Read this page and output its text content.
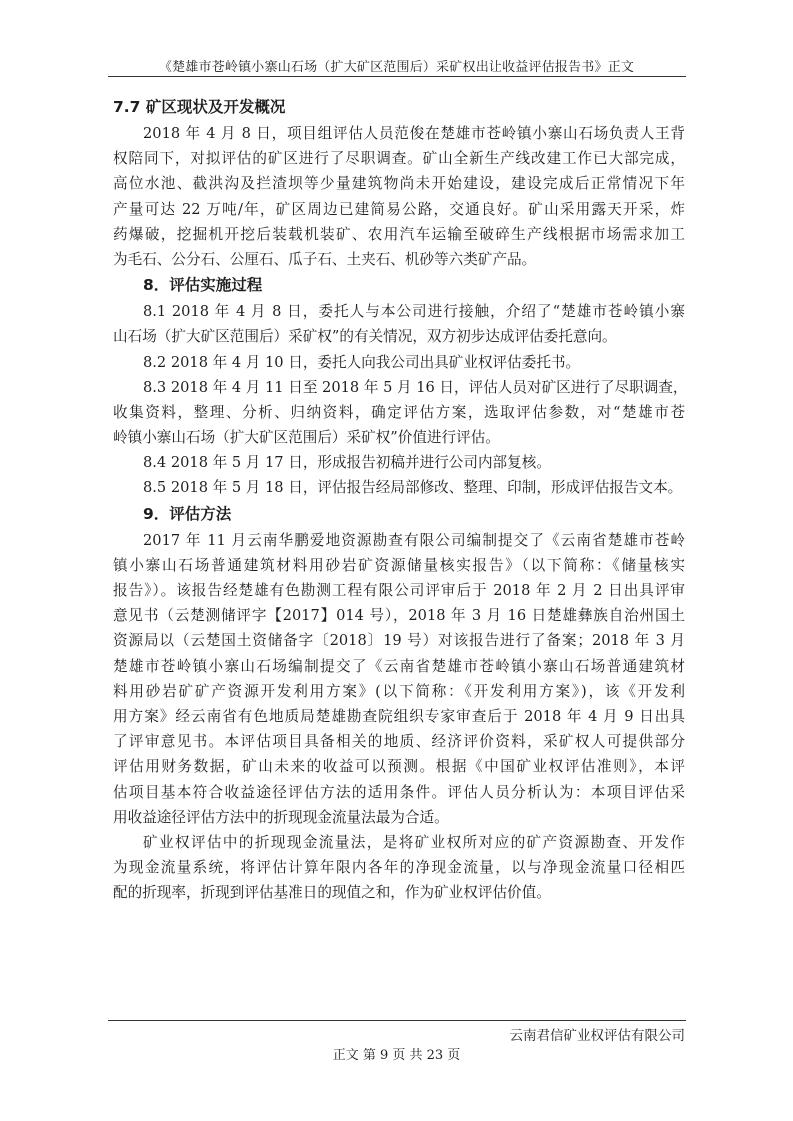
《楚雄市苍岭镇小寨山石场（扩大矿区范围后）采矿权出让收益评估报告书》正文
7.7 矿区现状及开发概况
2018 年 4 月 8 日，项目组评估人员范俊在楚雄市苍岭镇小寨山石场负责人王背
权陪同下，对拟评估的矿区进行了尽职调查。矿山全新生产线改建工作已大部完成，
高位水池、截洪沟及拦渣坝等少量建筑物尚未开始建设，建设完成后正常情况下年
产量可达 22 万吨/年，矿区周边已建简易公路，交通良好。矿山采用露天开采，炸
药爆破，挖掘机开挖后装载机装矿、农用汽车运输至破碎生产线根据市场需求加工
为毛石、公分石、公厘石、瓜子石、土夹石、机砂等六类矿产品。
8．评估实施过程
8.1 2018 年 4 月 8 日，委托人与本公司进行接触，介绍了“楚雄市苍岭镇小寨
山石场（扩大矿区范围后）采矿权”的有关情况，双方初步达成评估委托意向。
8.2 2018 年 4 月 10 日，委托人向我公司出具矿业权评估委托书。
8.3 2018 年 4 月 11 日至 2018 年 5 月 16 日，评估人员对矿区进行了尽职调查，
收集资料，整理、分析、归纳资料，确定评估方案，选取评估参数，对“楚雄市苍
岭镇小寨山石场（扩大矿区范围后）采矿权”价值进行评估。
8.4 2018 年 5 月 17 日，形成报告初稿并进行公司内部复核。
8.5 2018 年 5 月 18 日，评估报告经局部修改、整理、印制，形成评估报告文本。
9．评估方法
2017 年 11 月云南华鹏爱地资源勘查有限公司编制提交了《云南省楚雄市苍岭
镇小寨山石场普通建筑材料用砂岩矿资源储量核实报告》（以下简称：《储量核实
报告》）。该报告经楚雄有色勘测工程有限公司评审后于 2018 年 2 月 2 日出具评审
意见书（云楚测储评字【2017】014 号），2018 年 3 月 16 日楚雄彝族自治州国土
资源局以（云楚国土资储备字〔2018〕19 号）对该报告进行了备案；2018 年 3 月
楚雄市苍岭镇小寨山石场编制提交了《云南省楚雄市苍岭镇小寨山石场普通建筑材
料用砂岩矿矿产资源开发利用方案》(以下简称：《开发利用方案》)，该《开发利
用方案》经云南省有色地质局楚雄勘查院组织专家审查后于 2018 年 4 月 9 日出具
了评审意见书。本评估项目具备相关的地质、经济评价资料，采矿权人可提供部分
评估用财务数据，矿山未来的收益可以预测。根据《中国矿业权评估准则》，本评
估项目基本符合收益途径评估方法的适用条件。评估人员分析认为：本项目评估采
用收益途径评估方法中的折现现金流量法最为合适。
矿业权评估中的折现现金流量法，是将矿业权所对应的矿产资源勘查、开发作
为现金流量系统，将评估计算年限内各年的净现金流量，以与净现金流量口径相匹
配的折现率，折现到评估基准日的现值之和，作为矿业权评估价值。
云南君信矿业权评估有限公司
正文 第 9 页 共 23 页
